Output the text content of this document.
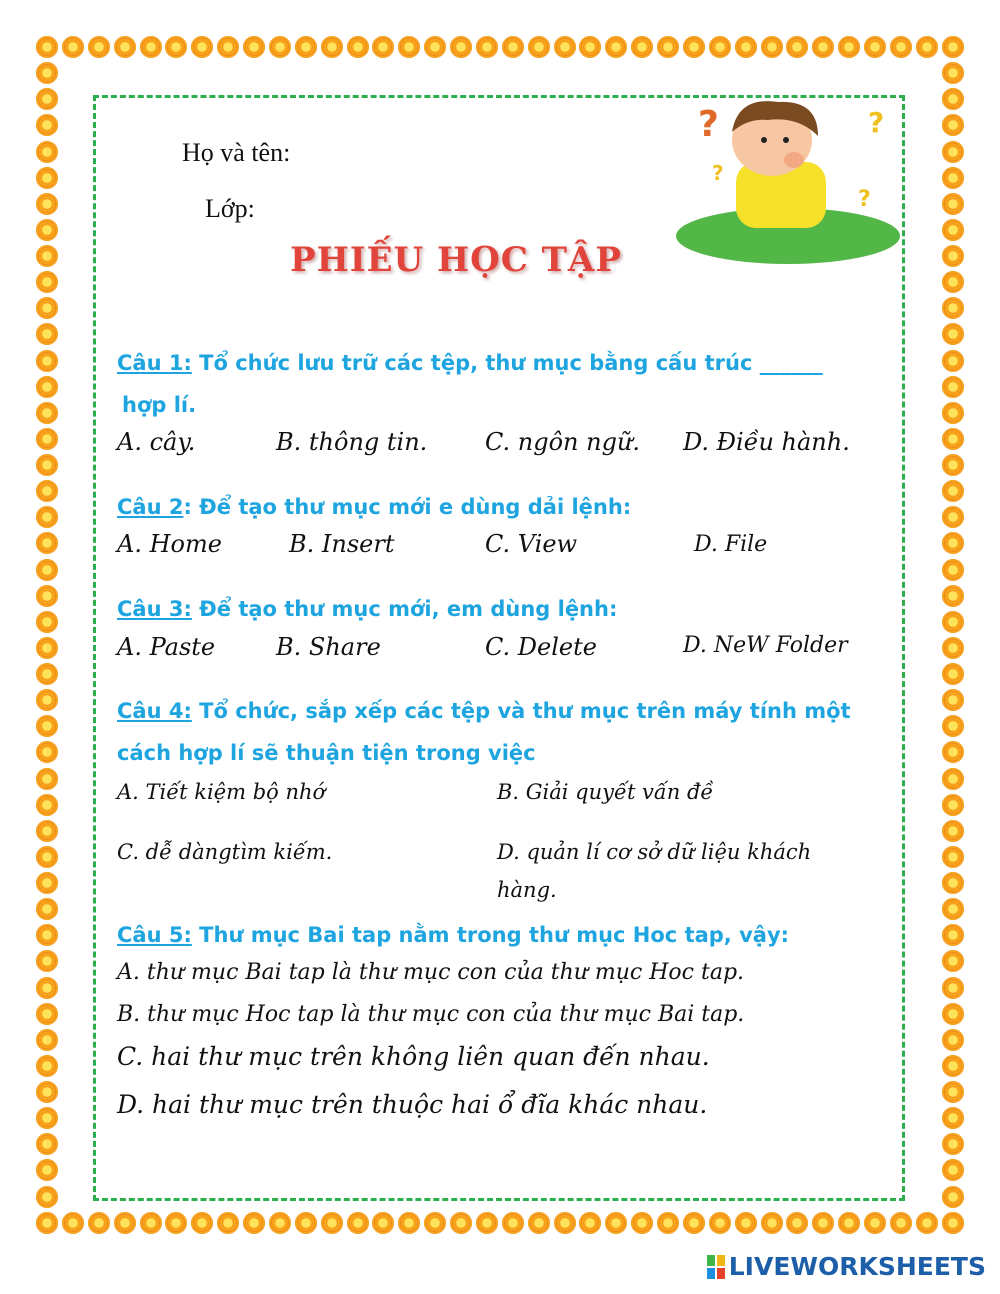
Họ và tên:
Lớp:
PHIẾU HỌC TẬP
?	?
?
?
Câu 1: Tổ chức lưu trữ các tệp, thư mục bằng cấu trúc ______
hợp lí.
A. cây.	B. thông tin. C. ngôn ngữ. D. Điều hành.
Câu 2: Để tạo thư mục mới e dùng dải lệnh:
A. Home	B. Insert	C. View	D. File
Câu 3: Để tạo thư mục mới, em dùng lệnh:
A. Paste	B. Share	C. Delete	D. NeW Folder
Câu 4: Tổ chức, sắp xếp các tệp và thư mục trên máy tính một
cách hợp lí sẽ thuận tiện trong việc
A. Tiết kiệm bộ nhớ	B. Giải quyết vấn đề
C. dễ dàngtìm kiếm.	D. quản lí cơ sở dữ liệu khách
hàng.
Câu 5: Thư mục Bai tap nằm trong thư mục Hoc tap, vậy:
A. thư mục Bai tap là thư mục con của thư mục Hoc tap.
B. thư mục Hoc tap là thư mục con của thư mục Bai tap.
C. hai thư mục trên không liên quan đến nhau.
D. hai thư mục trên thuộc hai ổ đĩa khác nhau.
LIVEWORKSHEETS
